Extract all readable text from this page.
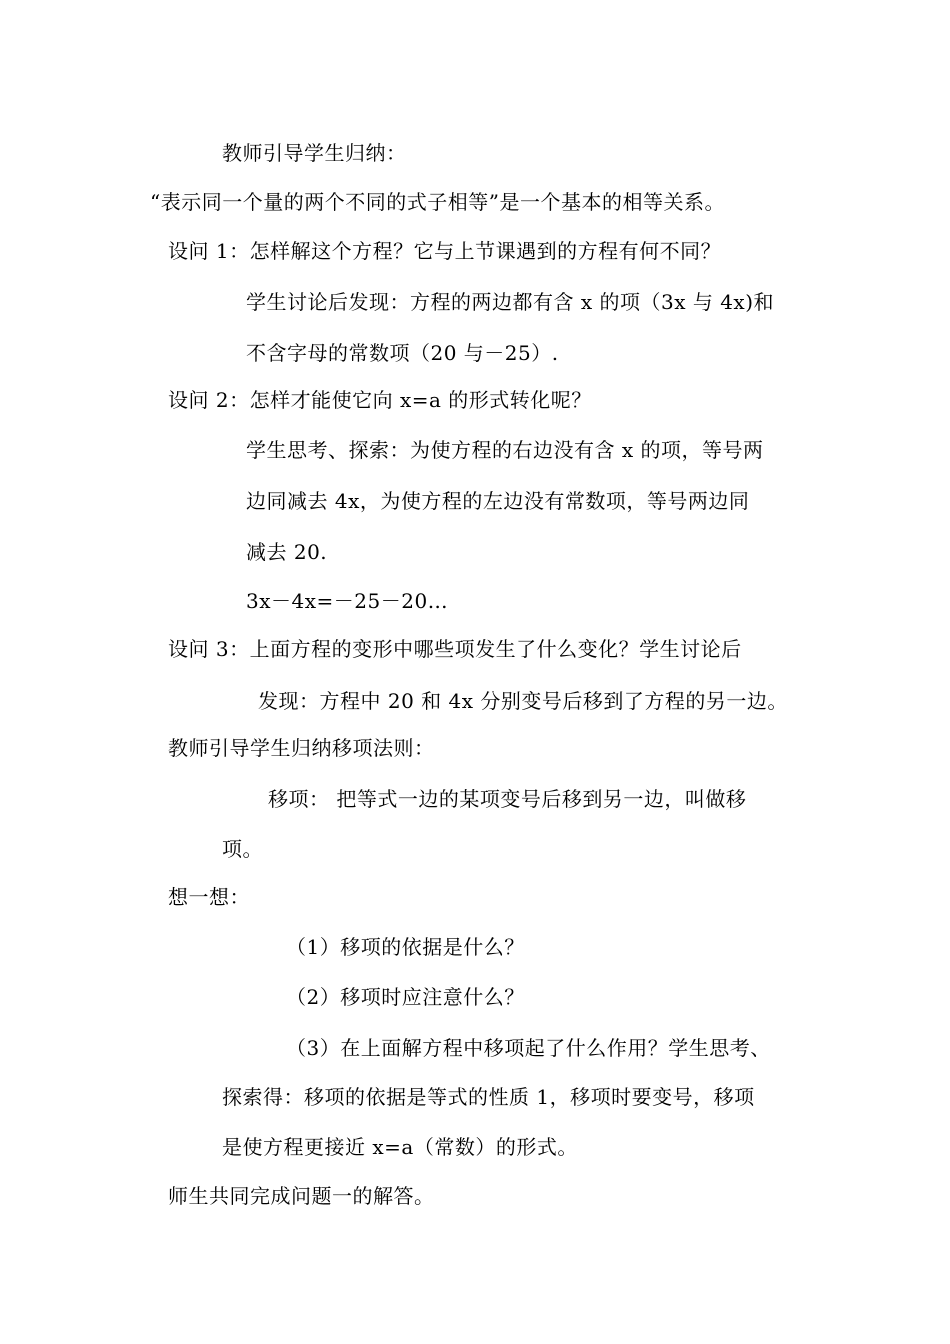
教师引导学生归纳：
“表示同一个量的两个不同的式子相等”是一个基本的相等关系。
设问 1：怎样解这个方程？它与上节课遇到的方程有何不同？
学生讨论后发现：方程的两边都有含 x 的项（3x 与 4x)和
不含字母的常数项（20 与－25）.
设问 2：怎样才能使它向 x=a 的形式转化呢？
学生思考、探索：为使方程的右边没有含 x 的项，等号两
边同减去 4x，为使方程的左边没有常数项，等号两边同
减去 20.
3x－4x=－25－20…
设问 3：上面方程的变形中哪些项发生了什么变化？学生讨论后
发现：方程中 20 和 4x 分别变号后移到了方程的另一边。
教师引导学生归纳移项法则：
移项： 把等式一边的某项变号后移到另一边，叫做移
项。
想一想：
（1）移项的依据是什么？
（2）移项时应注意什么？
（3）在上面解方程中移项起了什么作用？学生思考、
探索得：移项的依据是等式的性质 1，移项时要变号，移项
是使方程更接近 x=a（常数）的形式。
师生共同完成问题一的解答。
